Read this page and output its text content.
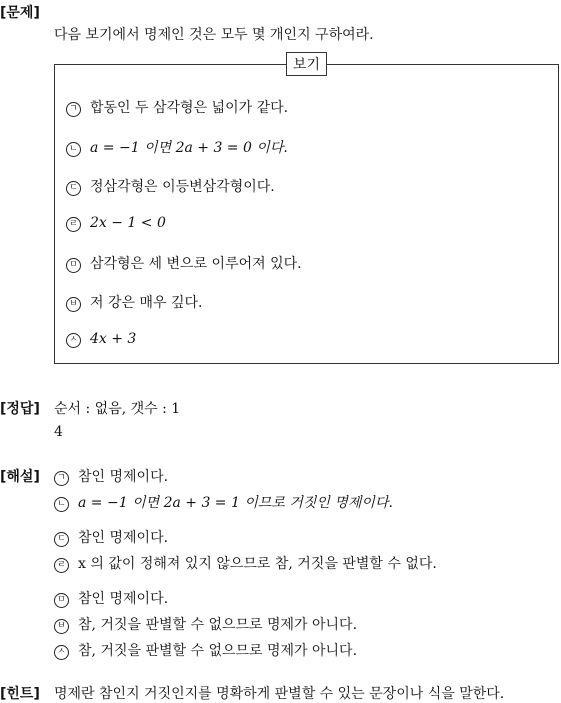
[문제]
다음 보기에서 명제인 것은 모두 몇 개인지 구하여라.
보기
ㄱ 합동인 두 삼각형은 넓이가 같다.
ㄴ a = −1 이면 2a + 3 = 0 이다.
ㄷ 정삼각형은 이등변삼각형이다.
ㄹ 2x − 1 < 0
ㅁ 삼각형은 세 변으로 이루어져 있다.
ㅂ 저 강은 매우 깊다.
ㅅ 4x + 3
[정답] 순서 : 없음, 갯수 : 1
4
[해설]	ㄱ 참인 명제이다.
ㄴ a = −1 이면 2a + 3 = 1 이므로 거짓인 명제이다.
ㄷ 참인 명제이다.
ㄹ x 의 값이 정해져 있지 않으므로 참, 거짓을 판별할 수 없다.
ㅁ 참인 명제이다.
ㅂ 참, 거짓을 판별할 수 없으므로 명제가 아니다.
ㅅ 참, 거짓을 판별할 수 없으므로 명제가 아니다.
[힌트] 명제란 참인지 거짓인지를 명확하게 판별할 수 있는 문장이나 식을 말한다.
